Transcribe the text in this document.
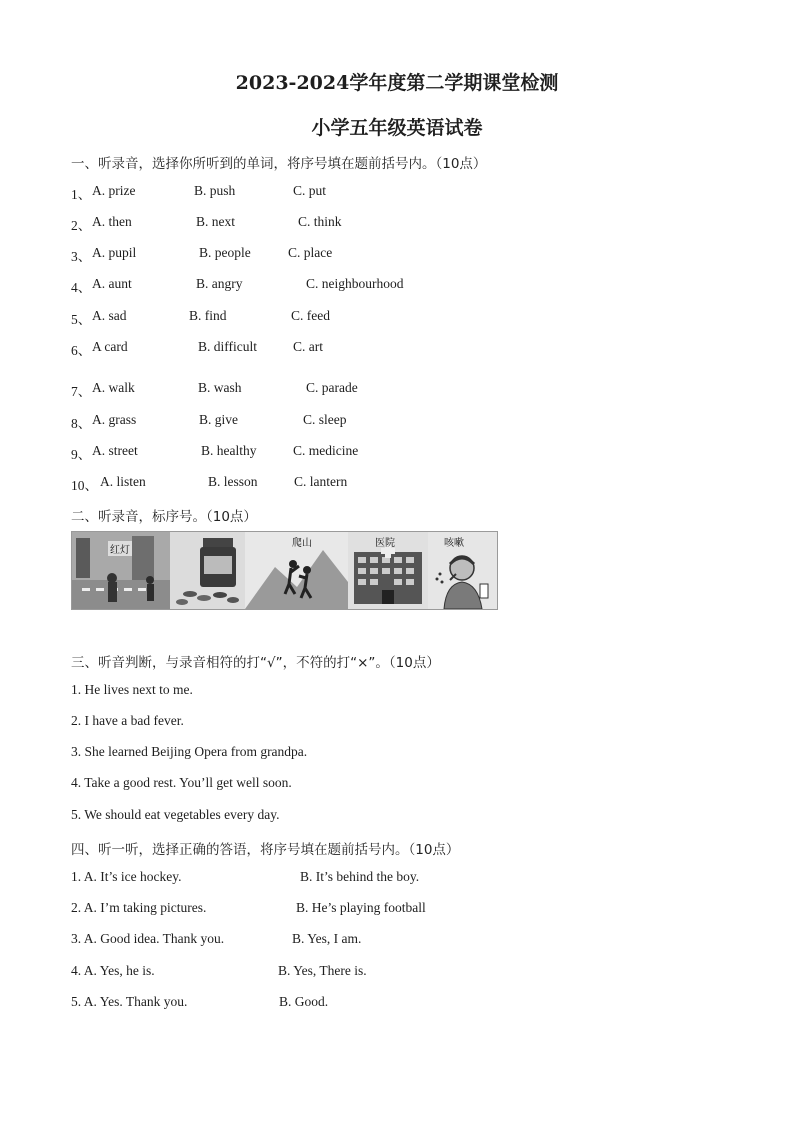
2023-2024学年度第二学期课堂检测
小学五年级英语试卷
一、听录音，选择你所听到的单词，将序号填在题前括号内。（10点）
1、 A. prize	B. push	C. put
2、 A. then	B. next	C. think
3、 A. pupil	B. people	C. place
4、 A. aunt	B. angry	C. neighbourhood
5、 A. sad	B. find	C. feed
6、 A card	B. difficult	C. art
7、 A. walk	B. wash	C. parade
8、 A. grass	B. give	C. sleep
9、 A. street	B. healthy	C. medicine
10、 A. listen	B. lesson	C. lantern
二、听录音，标序号。（10点）
红灯
爬山	医院	咳嗽
三、听音判断，与录音相符的打“√”，不符的打“×”。（10点）
1. He lives next to me.
2. I have a bad fever.
3. She learned Beijing Opera from grandpa.
4. Take a good rest. You’ll get well soon.
5. We should eat vegetables every day.
四、听一听，选择正确的答语，将序号填在题前括号内。（10点）
1. A. It’s ice hockey.	B. It’s behind the boy.
2. A. I’m taking pictures.	B. He’s playing football
3. A. Good idea. Thank you.	B. Yes, I am.
4. A. Yes, he is.	B. Yes, There is.
5. A. Yes. Thank you.	B. Good.
